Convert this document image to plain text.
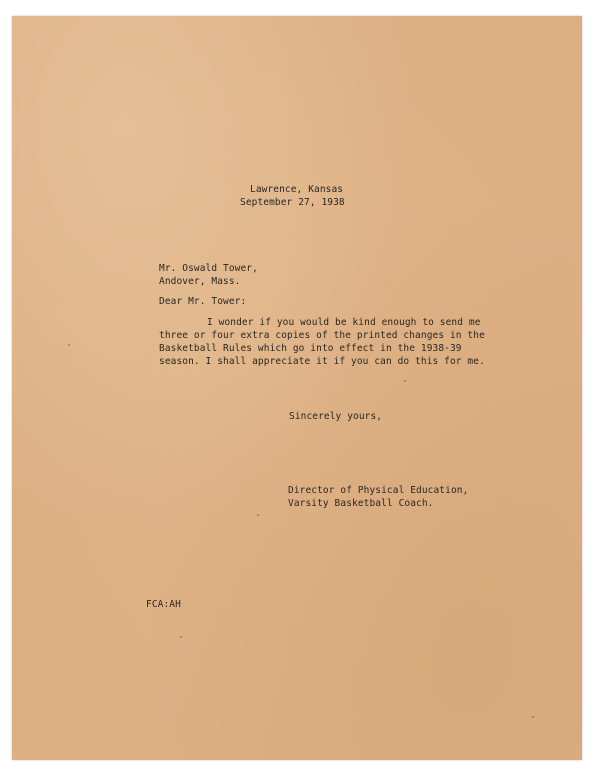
Lawrence, Kansas
September 27, 1938
Mr. Oswald Tower,
Andover, Mass.
Dear Mr. Tower:
I wonder if you would be kind enough to send me
three or four extra copies of the printed changes in the
Basketball Rules which go into effect in the 1938-39
season. I shall appreciate it if you can do this for me.
Sincerely yours,
Director of Physical Education,
Varsity Basketball Coach.
FCA:AH
